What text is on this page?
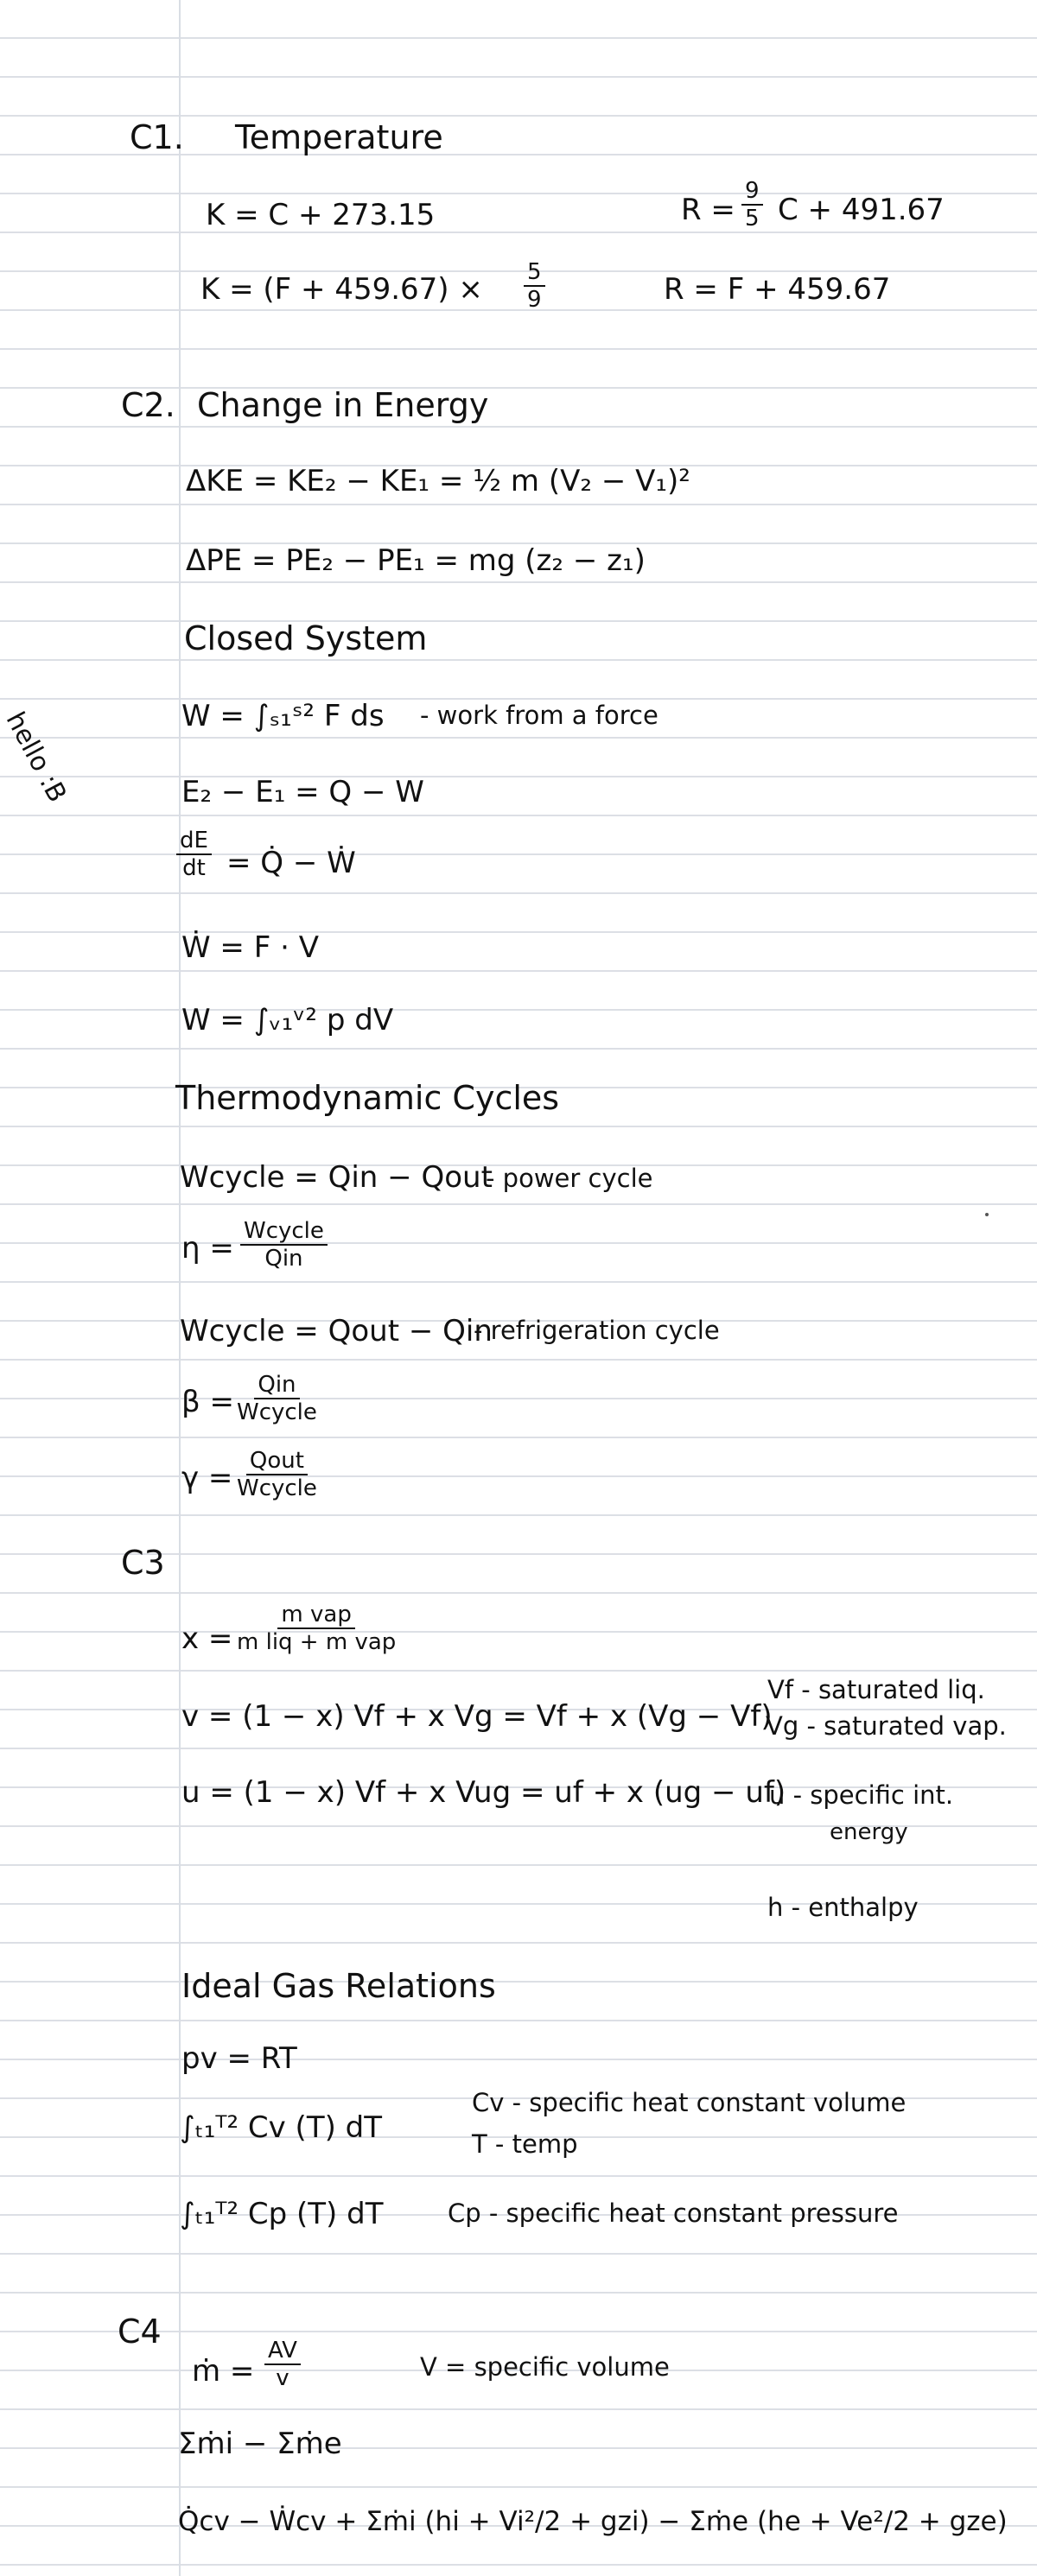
C1. Temperature
K = C + 273.15	$R = \frac{9}{5}$ C + 491.67
$K = (F + 459.67) \times \frac{5}{9}$	R = F + 459.67
C2. Change in Energy
ΔKE = KE₂ − KE₁ = ½ m (V₂ − V₁)²
ΔPE = PE₂ − PE₁ = mg (z₂ − z₁)
Closed System
W = ∫ₛ₁ˢ² F ds - work from a force
E₂ − E₁ = Q − W
$\frac{dE}{dt}$ = Q̇ − Ẇ
Ẇ = F · V
W = ∫ᵥ₁ᵛ² p dV
Thermodynamic Cycles
Wcycle = Qin − Qout
- power cycle
η = Wcycle
Qin
Wcycle = Qout − Qin
- refrigeration cycle
β = Qin
Wcycle
γ = Qout
Wcycle
hello :B
C3
x =
m vap
m liq + m vap
v = (1 − x) Vf + x Vg = Vf + x (Vg − Vf)
Vf - saturated liq.
Vg - saturated vap.
u = (1 − x) Vf + x Vug = uf + x (ug − uf)
u - specific int.
energy
h - enthalpy
Ideal Gas Relations
pv = RT
∫ₜ₁ᵀ² Cv (T) dT
Cv - specific heat constant volume
T - temp
∫ₜ₁ᵀ² Cp (T) dT	Cp - specific heat constant pressure
C4
ṁ = $\frac{AV}{v}$	V = specific volume
Σṁi − Σṁe
Q̇cv − Ẇcv + Σṁi (hi + Vi²/2 + gzi) − Σṁe (he + Ve²/2 + gze)
